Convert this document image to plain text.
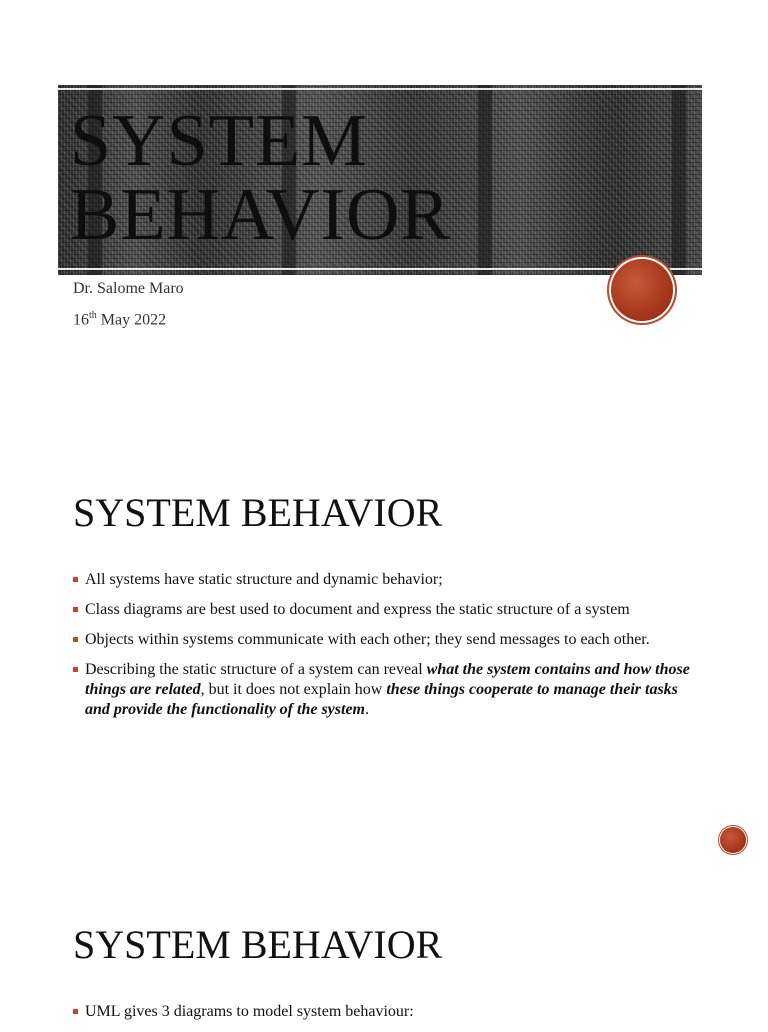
SYSTEM
BEHAVIOR
Dr. Salome Maro
16th May 2022
SYSTEM BEHAVIOR
All systems have static structure and dynamic behavior;
Class diagrams are best used to document and express the static structure of a system
Objects within systems communicate with each other; they send messages to each other.
Describing the static structure of a system can reveal what the system contains and how those things are related, but it does not explain how these things cooperate to manage their tasks and provide the functionality of the system.
SYSTEM BEHAVIOR
UML gives 3 diagrams to model system behaviour:
